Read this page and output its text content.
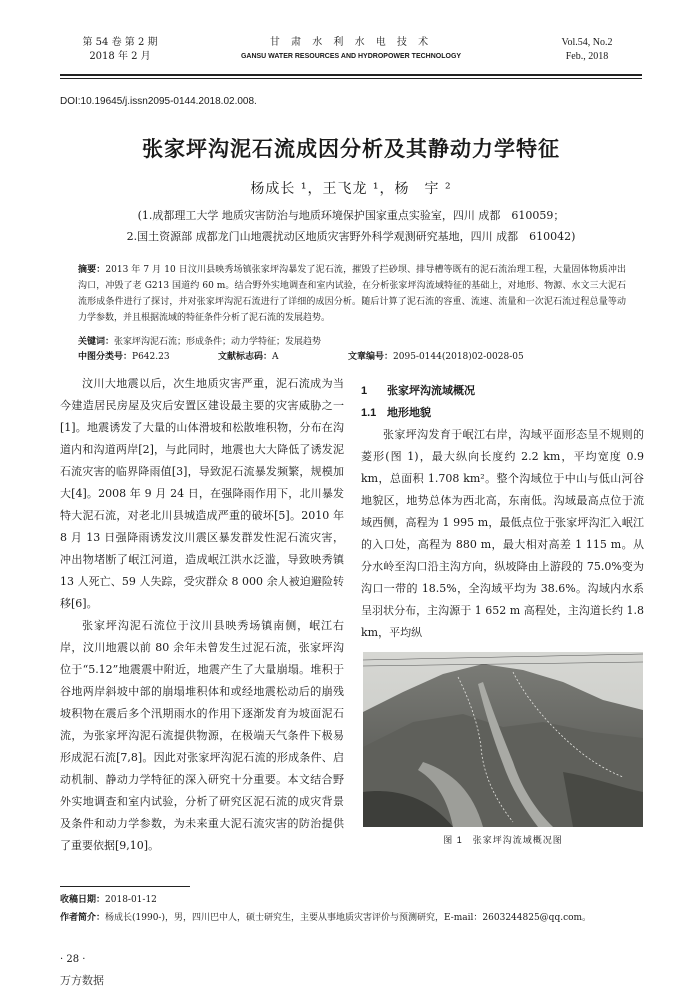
第 54 卷 第 2 期
2018 年 2 月
甘 肃 水 利 水 电 技 术
GANSU WATER RESOURCES AND HYDROPOWER TECHNOLOGY
Vol.54, No.2
Feb., 2018
DOI:10.19645/j.issn2095-0144.2018.02.008.
张家坪沟泥石流成因分析及其静动力学特征
杨成长 ¹，王飞龙 ¹，杨　宇 ²
(1.成都理工大学 地质灾害防治与地质环境保护国家重点实验室，四川 成都　610059；
2.国土资源部 成都龙门山地震扰动区地质灾害野外科学观测研究基地，四川 成都　610042)
摘要：2013 年 7 月 10 日汶川县映秀场镇张家坪沟暴发了泥石流，摧毁了拦砂坝、排导槽等既有的泥石流治理工程，大量固体物质冲出沟口，冲毁了老 G213 国道约 60 m。结合野外实地调查和室内试验，在分析张家坪沟流域特征的基础上，对地形、物源、水文三大泥石流形成条件进行了探讨，并对张家坪沟泥石流进行了详细的成因分析。随后计算了泥石流的容重、流速、流量和一次泥石流过程总量等动力学参数，并且根据流域的特征条件分析了泥石流的发展趋势。
关键词：张家坪沟泥石流；形成条件；动力学特征；发展趋势
中图分类号：P642.23	文献标志码：A	文章编号：2095-0144(2018)02-0028-05

汶川大地震以后，次生地质灾害严重，泥石流成为当今建造居民房屋及灾后安置区建设最主要的灾害威胁之一[1]。地震诱发了大量的山体滑坡和松散堆积物，分布在沟道内和沟道两岸[2]，与此同时，地震也大大降低了诱发泥石流灾害的临界降雨值[3]，导致泥石流暴发频繁，规模加大[4]。2008 年 9 月 24 日，在强降雨作用下，北川暴发特大泥石流，对老北川县城造成严重的破坏[5]。2010 年 8 月 13 日强降雨诱发汶川震区暴发群发性泥石流灾害，冲出物堵断了岷江河道，造成岷江洪水泛滥，导致映秀镇 13 人死亡、59 人失踪，受灾群众 8 000 余人被迫避险转移[6]。

张家坪沟泥石流位于汶川县映秀场镇南侧，岷江右岸，汶川地震以前 80 余年未曾发生过泥石流，张家坪沟位于“5.12”地震震中附近，地震产生了大量崩塌。堆积于谷地两岸斜坡中部的崩塌堆积体和或经地震松动后的崩残坡积物在震后多个汛期雨水的作用下逐渐发育为坡面泥石流，为张家坪沟泥石流提供物源，在极端天气条件下极易形成泥石流[7,8]。因此对张家坪沟泥石流的形成条件、启动机制、静动力学特征的深入研究十分重要。本文结合野外实地调查和室内试验，分析了研究区泥石流的成灾背景及条件和动力学参数，为未来重大泥石流灾害的防治提供了重要依据[9,10]。

1 张家坪沟流域概况
1.1 地形地貌

张家坪沟发育于岷江右岸，沟域平面形态呈不规则的菱形(图 1)，最大纵向长度约 2.2 km，平均宽度 0.9 km，总面积 1.708 km²。整个沟域位于中山与低山河谷地貌区，地势总体为西北高，东南低。沟域最高点位于流域西侧，高程为 1 995 m，最低点位于张家坪沟汇入岷江的入口处，高程为 880 m，最大相对高差 1 115 m。从分水岭至沟口沿主沟方向，纵坡降由上游段的 75.0%变为沟口一带的 18.5%，全沟域平均为 38.6%。沟域内水系呈羽状分布，主沟源于 1 652 m 高程处，主沟道长约 1.8 km，平均纵

图 1　张家坪沟流域概况图
收稿日期：2018-01-12
作者简介：杨成长(1990-)，男，四川巴中人，硕士研究生，主要从事地质灾害评价与预测研究，E-mail：2603244825@qq.com。
· 28 ·
万方数据
